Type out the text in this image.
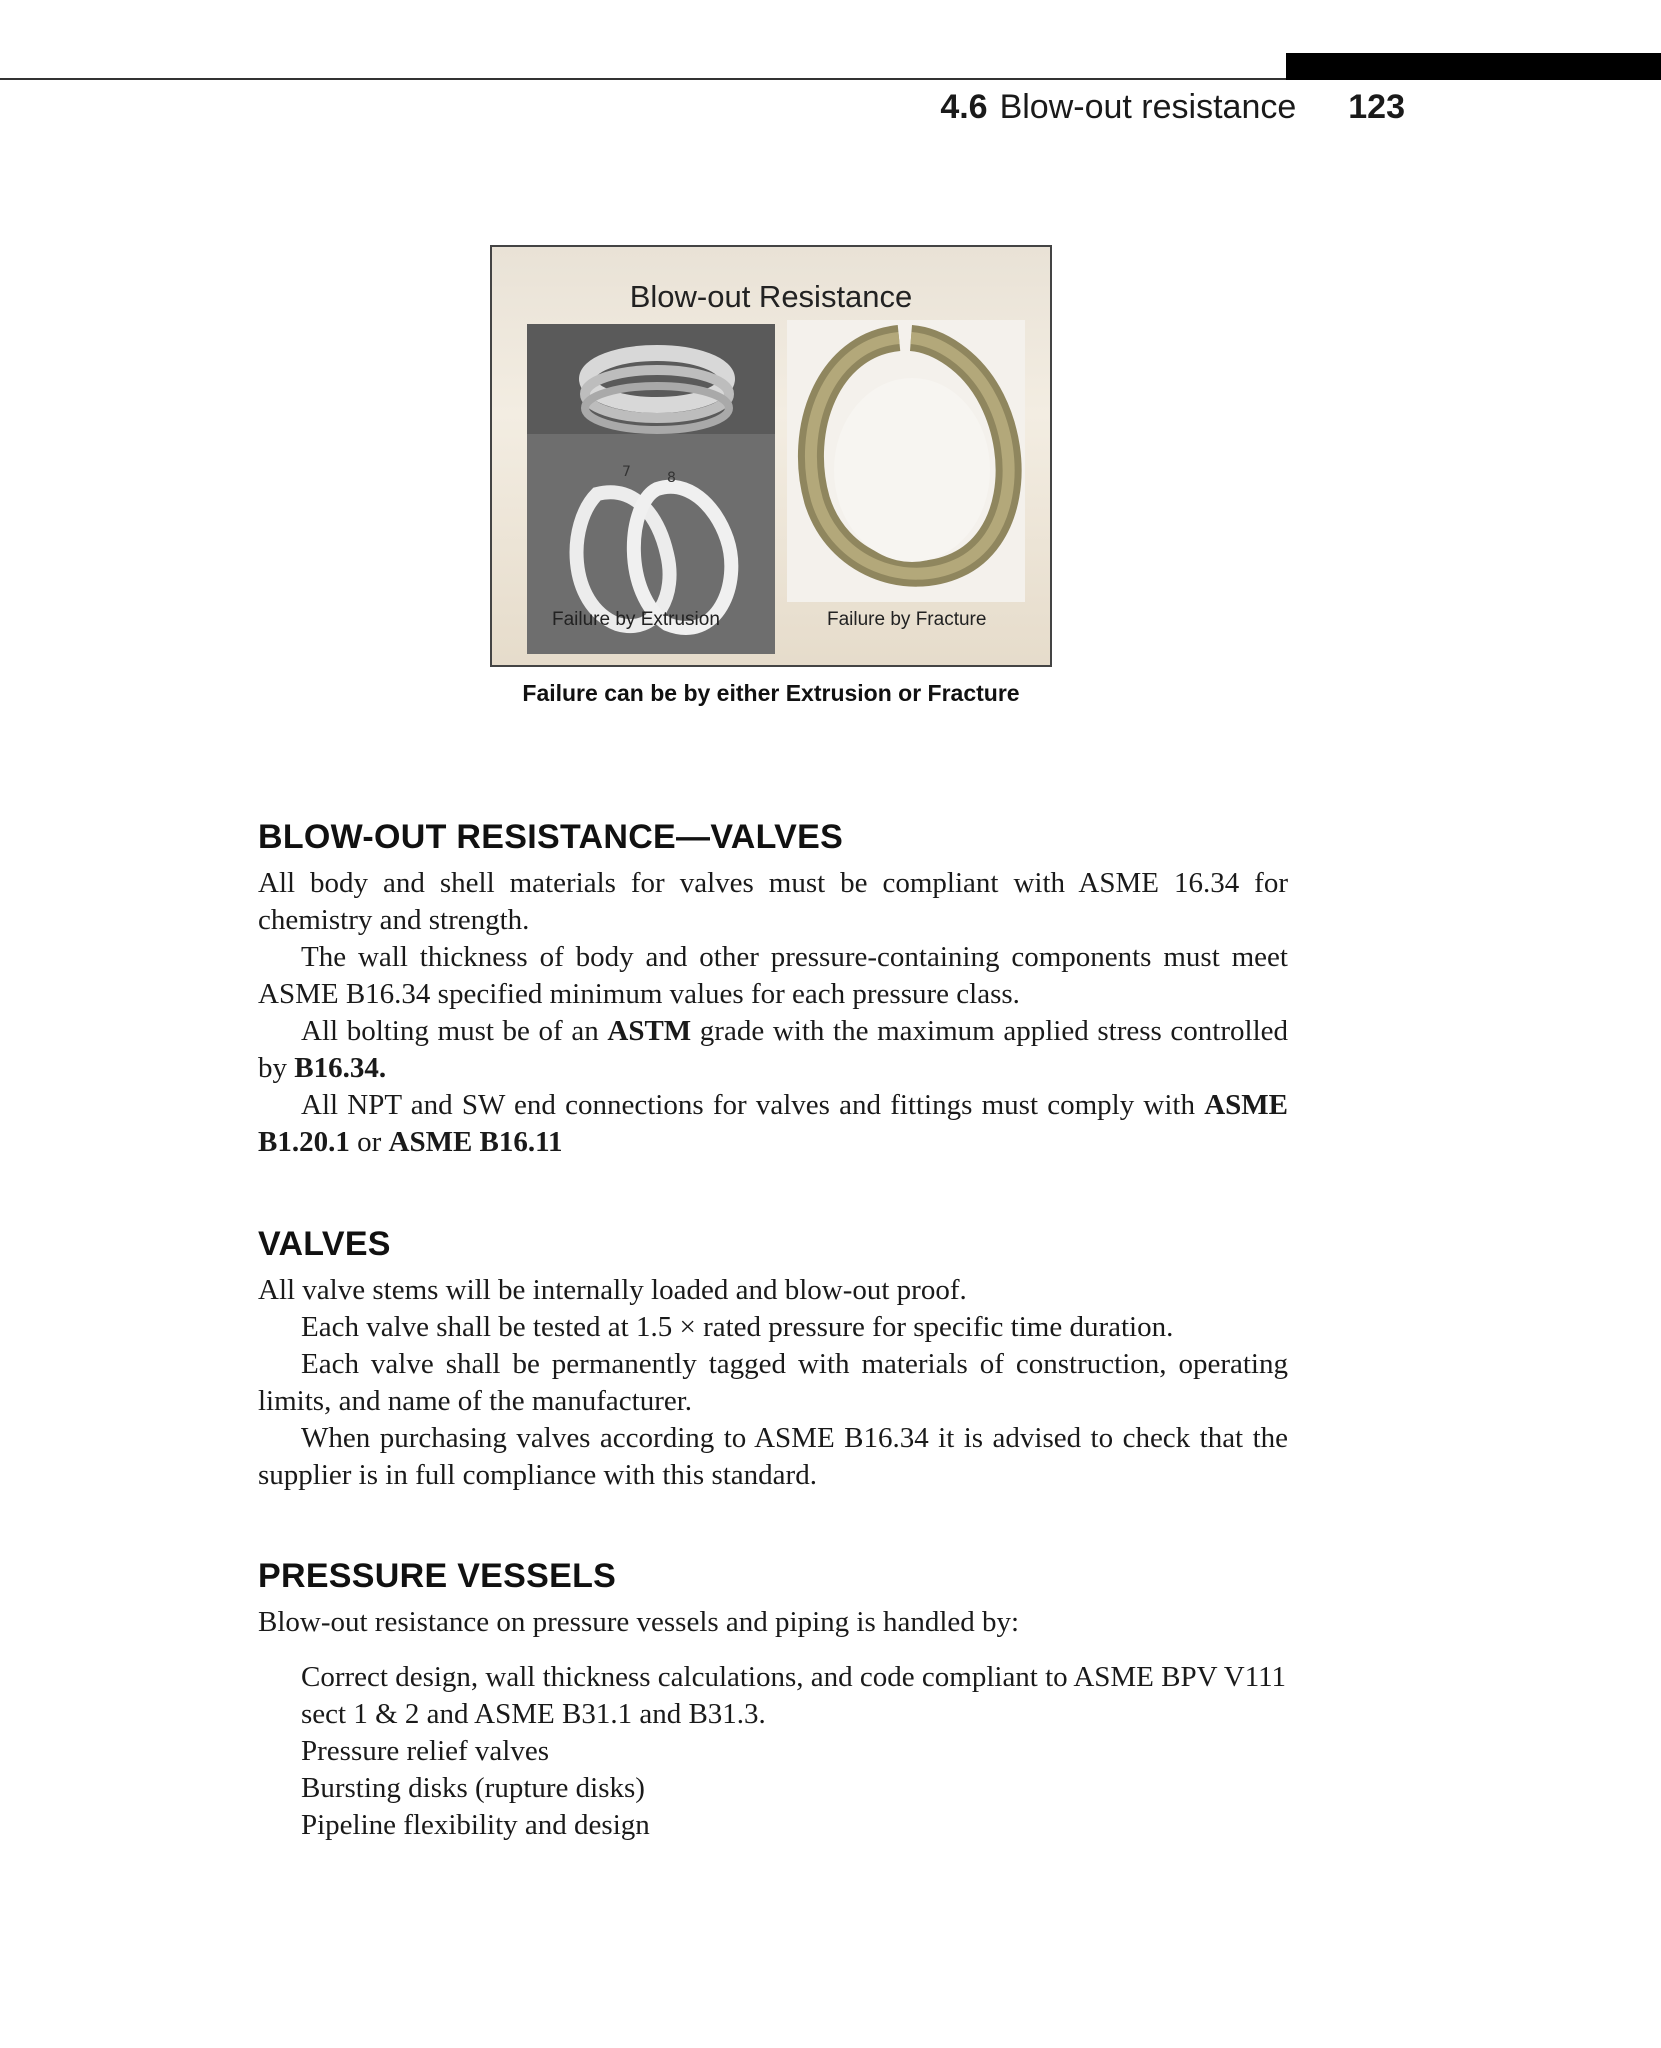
4.6 Blow-out resistance 123
Blow-out Resistance
7	8
Failure by Extrusion	Failure by Fracture
Failure can be by either Extrusion or Fracture
BLOW-OUT RESISTANCE—VALVES

All body and shell materials for valves must be compliant with ASME 16.34 for chemistry and strength.

The wall thickness of body and other pressure-containing components must meet ASME B16.34 specified minimum values for each pressure class.

All bolting must be of an ASTM grade with the maximum applied stress controlled by B16.34.

All NPT and SW end connections for valves and fittings must comply with ASME B1.20.1 or ASME B16.11

VALVES

All valve stems will be internally loaded and blow-out proof.

Each valve shall be tested at 1.5 × rated pressure for specific time duration.

Each valve shall be permanently tagged with materials of construction, operating limits, and name of the manufacturer.

When purchasing valves according to ASME B16.34 it is advised to check that the supplier is in full compliance with this standard.

PRESSURE VESSELS

Blow-out resistance on pressure vessels and piping is handled by:

Correct design, wall thickness calculations, and code compliant to ASME BPV V111 sect 1 & 2 and ASME B31.1 and B31.3.
Pressure relief valves
Bursting disks (rupture disks)
Pipeline flexibility and design
